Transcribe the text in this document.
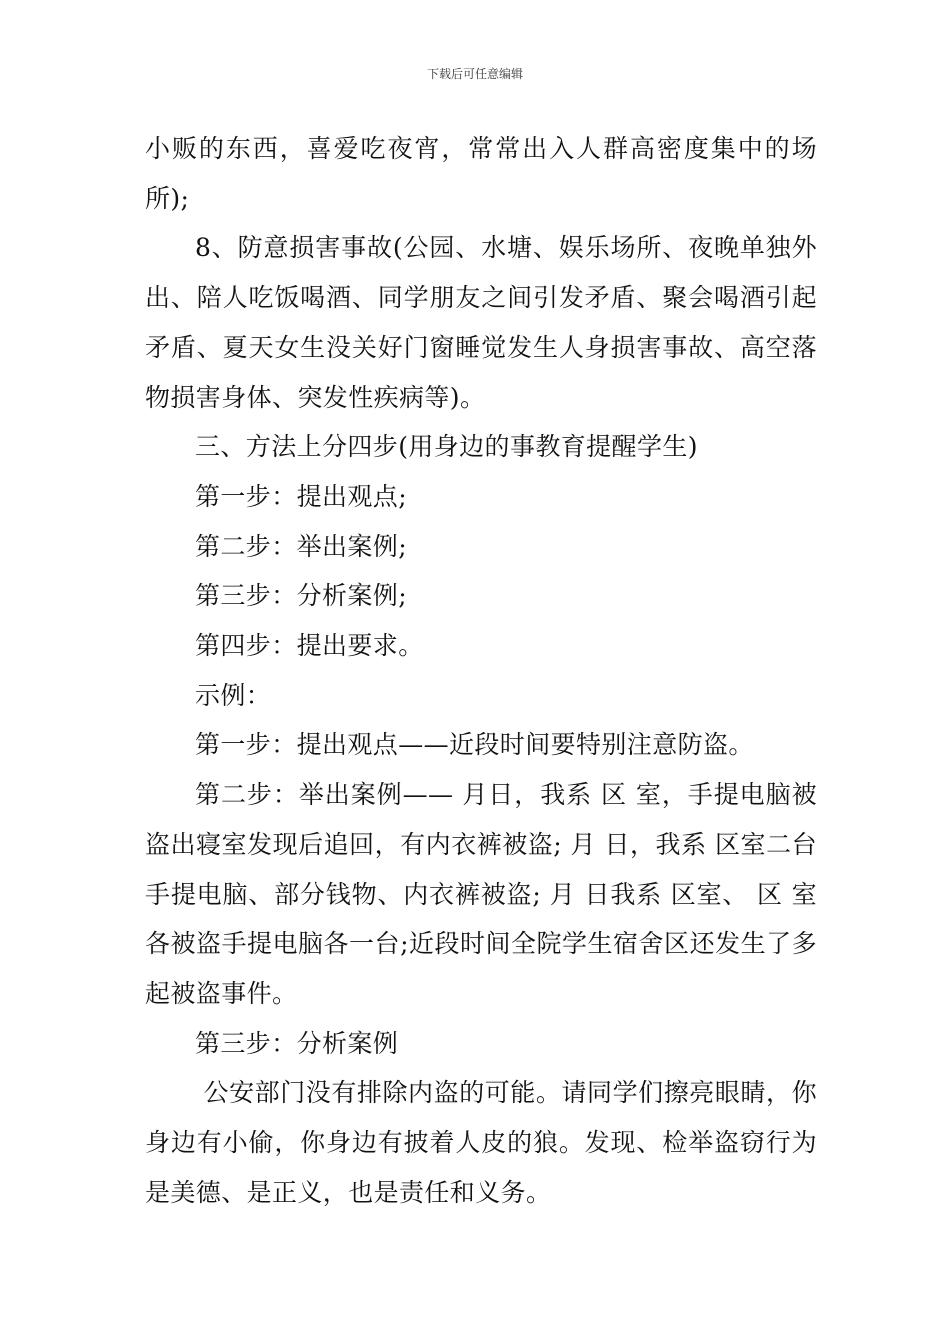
下载后可任意编辑

小贩的东西，喜爱吃夜宵，常常出入人群高密度集中的场所);

8、防意损害事故(公园、水塘、娱乐场所、夜晚单独外出、陪人吃饭喝酒、同学朋友之间引发矛盾、聚会喝酒引起矛盾、夏天女生没关好门窗睡觉发生人身损害事故、高空落物损害身体、突发性疾病等)。

三、方法上分四步(用身边的事教育提醒学生)

第一步：提出观点;

第二步：举出案例;

第三步：分析案例;

第四步：提出要求。

示例：

第一步：提出观点——近段时间要特别注意防盗。

第二步：举出案例—— 月日，我系 区 室，手提电脑被盗出寝室发现后追回，有内衣裤被盗; 月 日，我系 区室二台手提电脑、部分钱物、内衣裤被盗; 月 日我系 区室、 区 室各被盗手提电脑各一台;近段时间全院学生宿舍区还发生了多起被盗事件。

第三步：分析案例

公安部门没有排除内盗的可能。请同学们擦亮眼睛，你身边有小偷，你身边有披着人皮的狼。发现、检举盗窃行为是美德、是正义，也是责任和义务。
